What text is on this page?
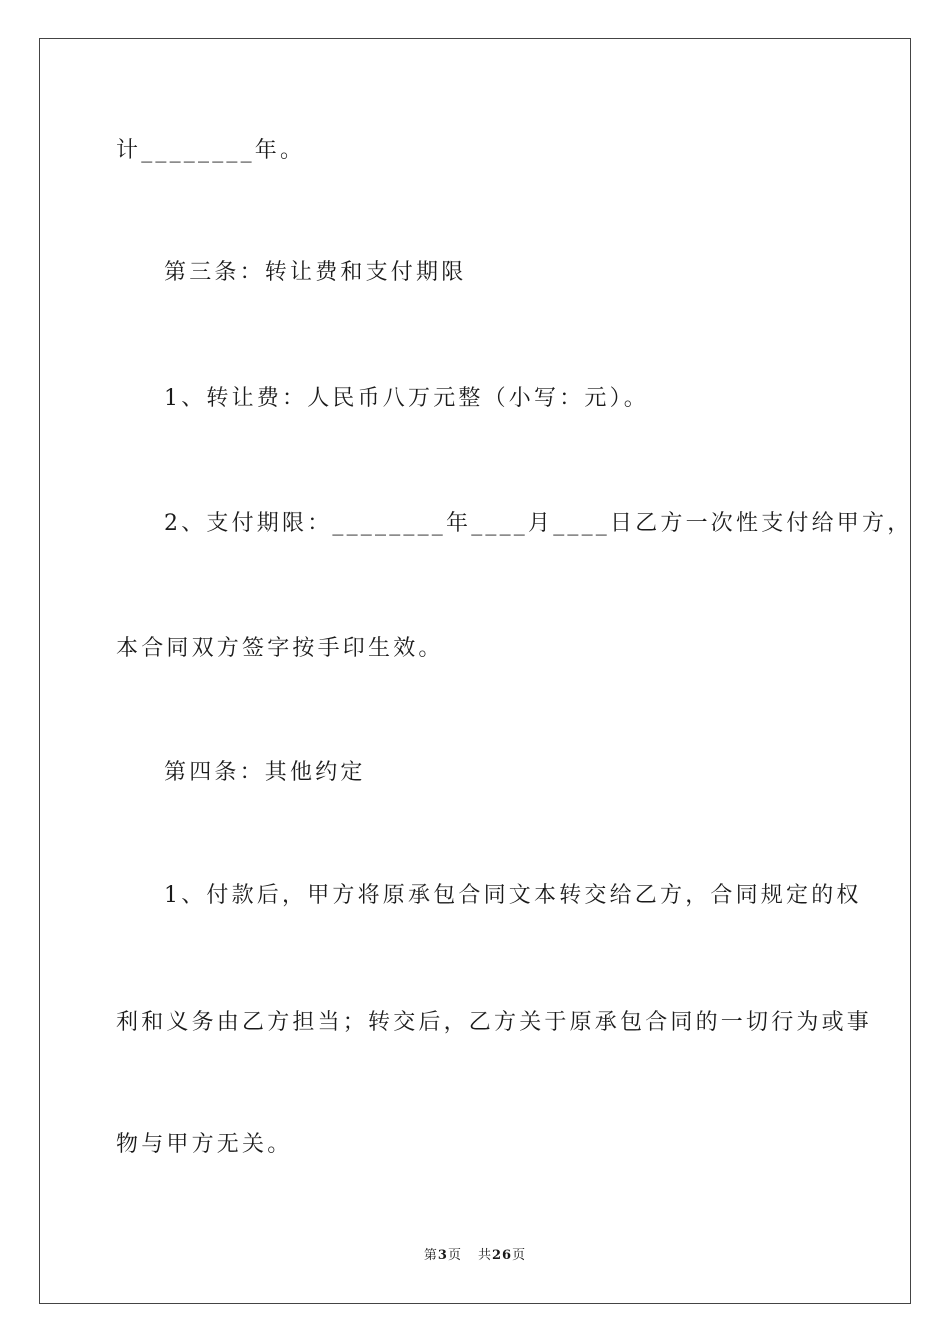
计________年。
第三条：转让费和支付期限
1、转让费：人民币八万元整（小写：元）。
2、支付期限：________年____月____日乙方一次性支付给甲方，
本合同双方签字按手印生效。
第四条：其他约定
1、付款后，甲方将原承包合同文本转交给乙方，合同规定的权
利和义务由乙方担当；转交后，乙方关于原承包合同的一切行为或事
物与甲方无关。
第3页 共26页
